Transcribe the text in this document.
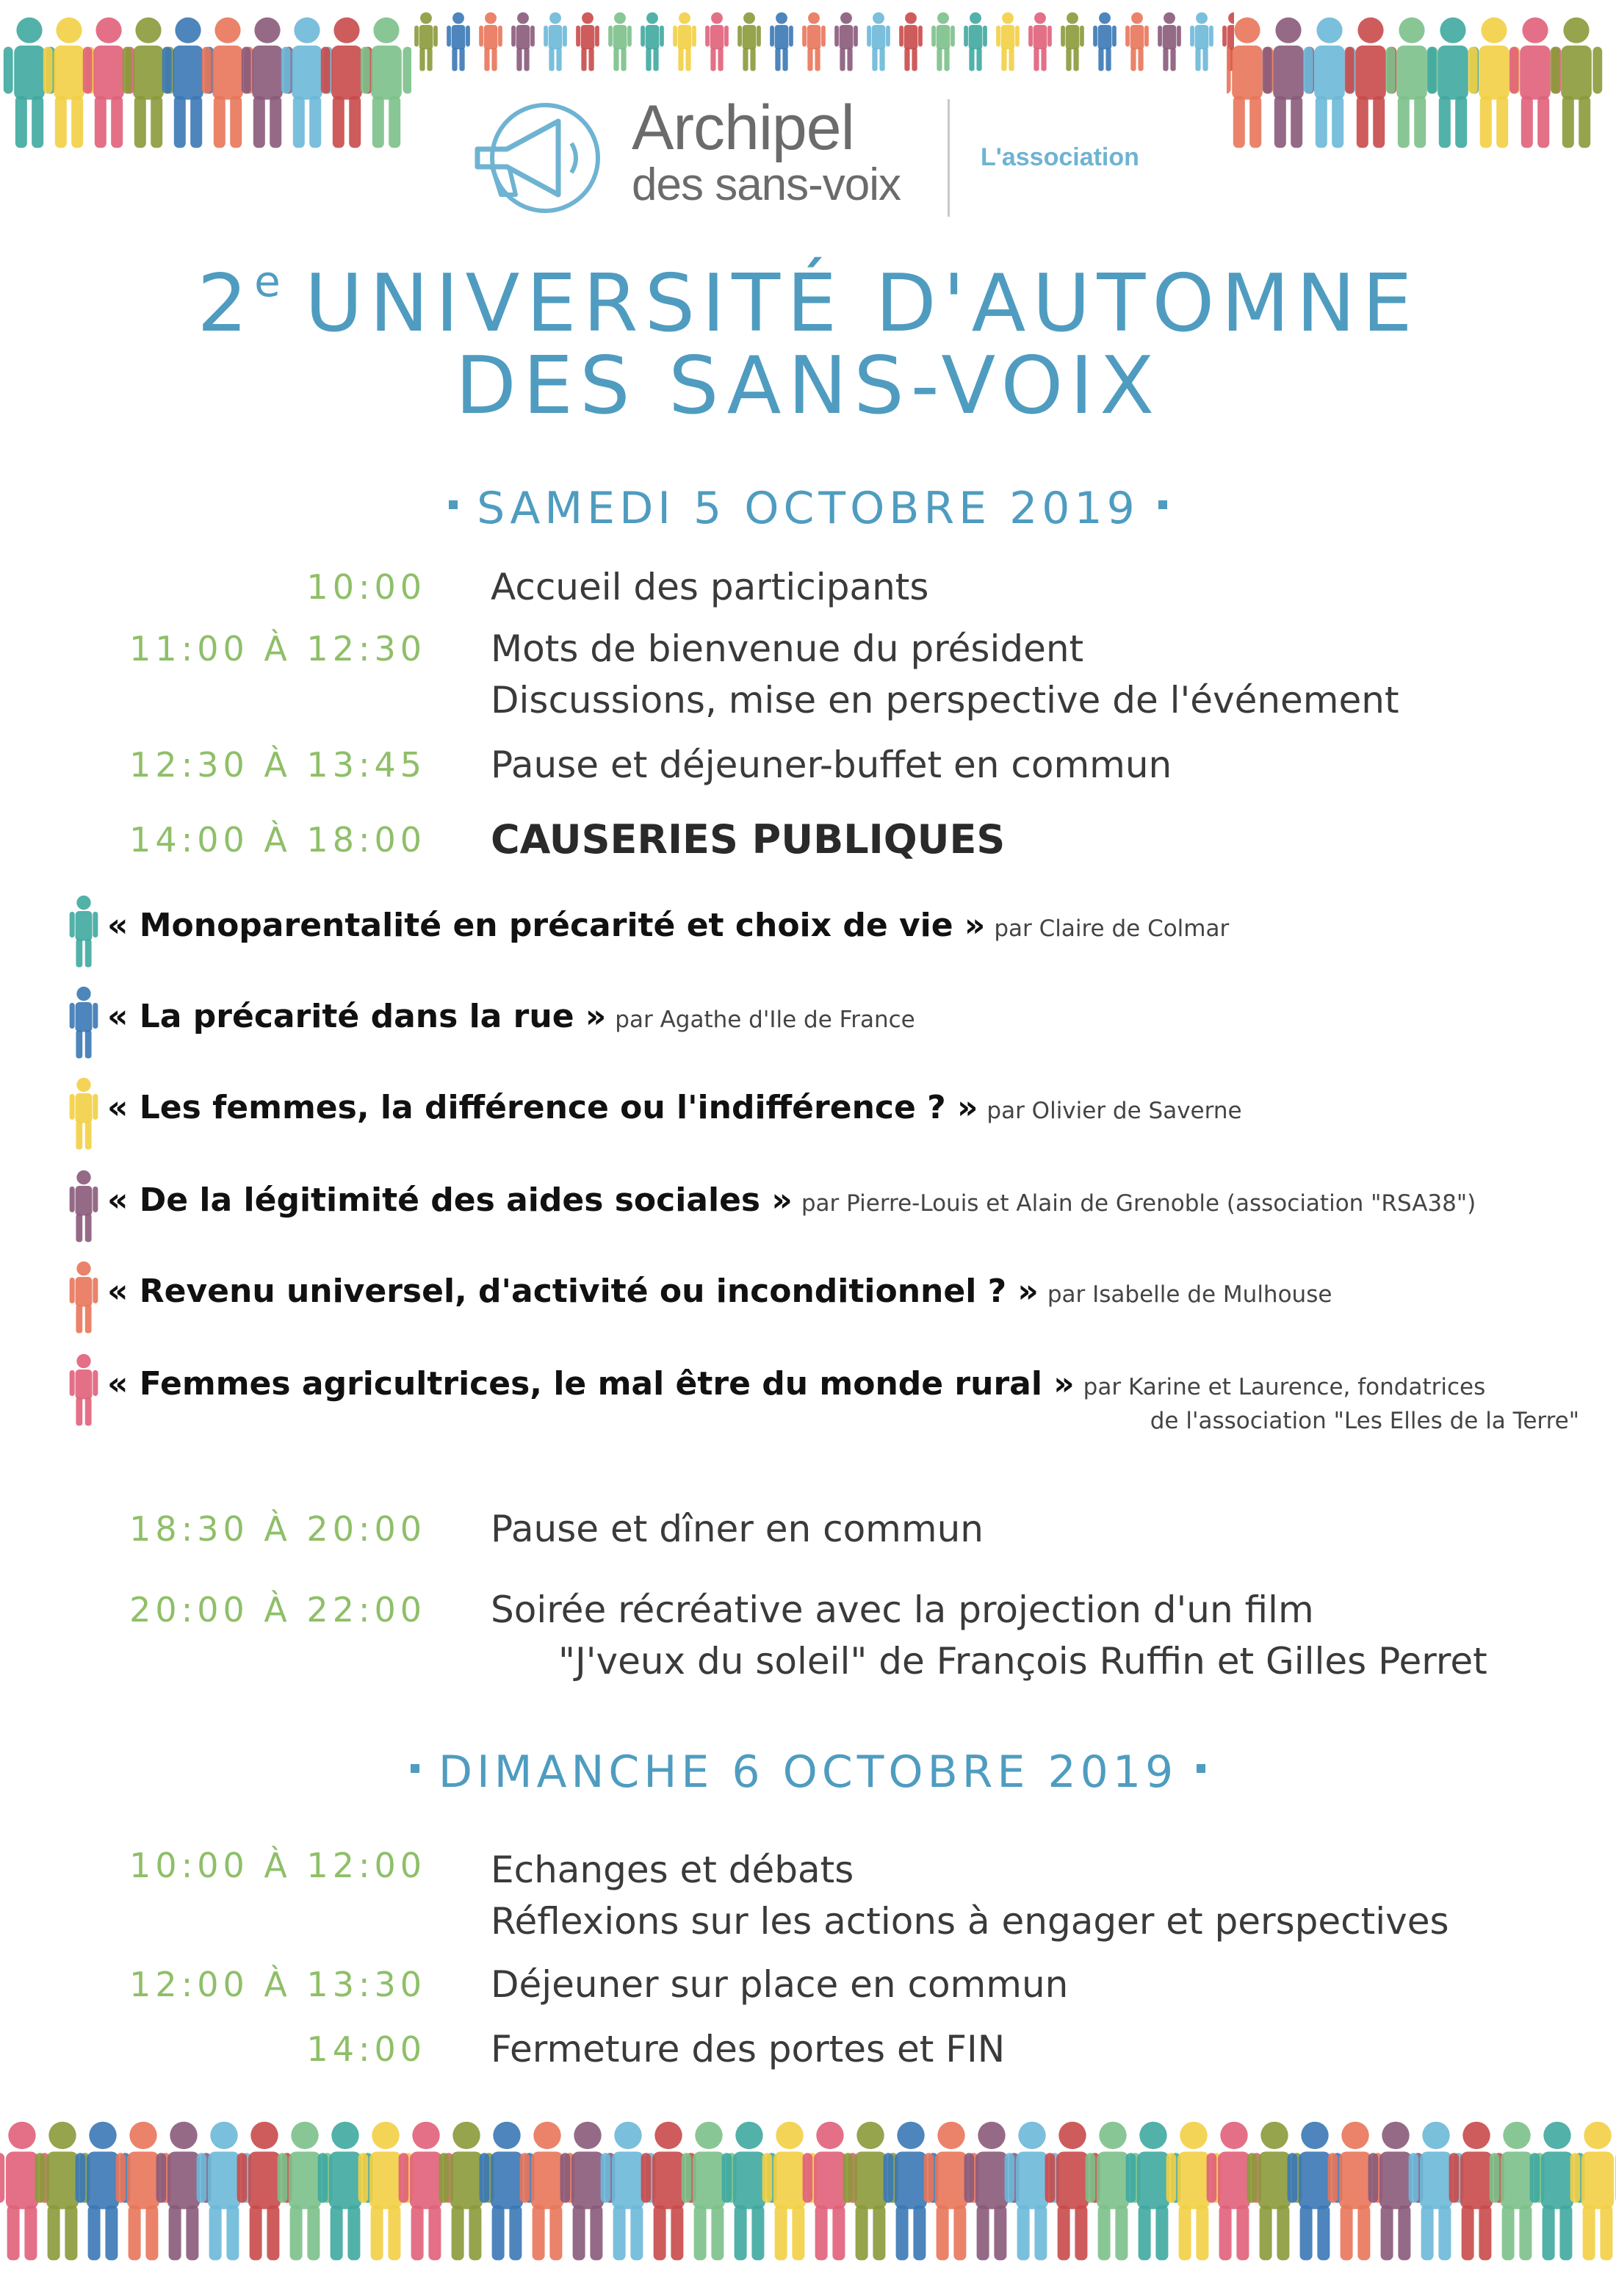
Archipel
des sans-voix
L'association
2e UNIVERSITÉ D'AUTOMNE
DES SANS-VOIX
SAMEDI 5 OCTOBRE 2019
10:00 Accueil des participants
11:00 À 12:30 Mots de bienvenue du président
Discussions, mise en perspective de l'événement
12:30 À 13:45 Pause et déjeuner-buffet en commun
14:00 À 18:00 CAUSERIES PUBLIQUES
« Monoparentalité en précarité et choix de vie » par Claire de Colmar
« La précarité dans la rue » par Agathe d'Ile de France
« Les femmes, la différence ou l'indifférence ? » par Olivier de Saverne
« De la légitimité des aides sociales » par Pierre-Louis et Alain de Grenoble (association "RSA38")
« Revenu universel, d'activité ou inconditionnel ? » par Isabelle de Mulhouse
« Femmes agricultrices, le mal être du monde rural » par Karine et Laurence, fondatrices
de l'association "Les Elles de la Terre"
18:30 À 20:00 Pause et dîner en commun
20:00 À 22:00 Soirée récréative avec la projection d'un film
"J'veux du soleil" de François Ruffin et Gilles Perret
DIMANCHE 6 OCTOBRE 2019
10:00 À 12:00 Echanges et débats
Réflexions sur les actions à engager et perspectives
12:00 À 13:30 Déjeuner sur place en commun
14:00 Fermeture des portes et FIN
